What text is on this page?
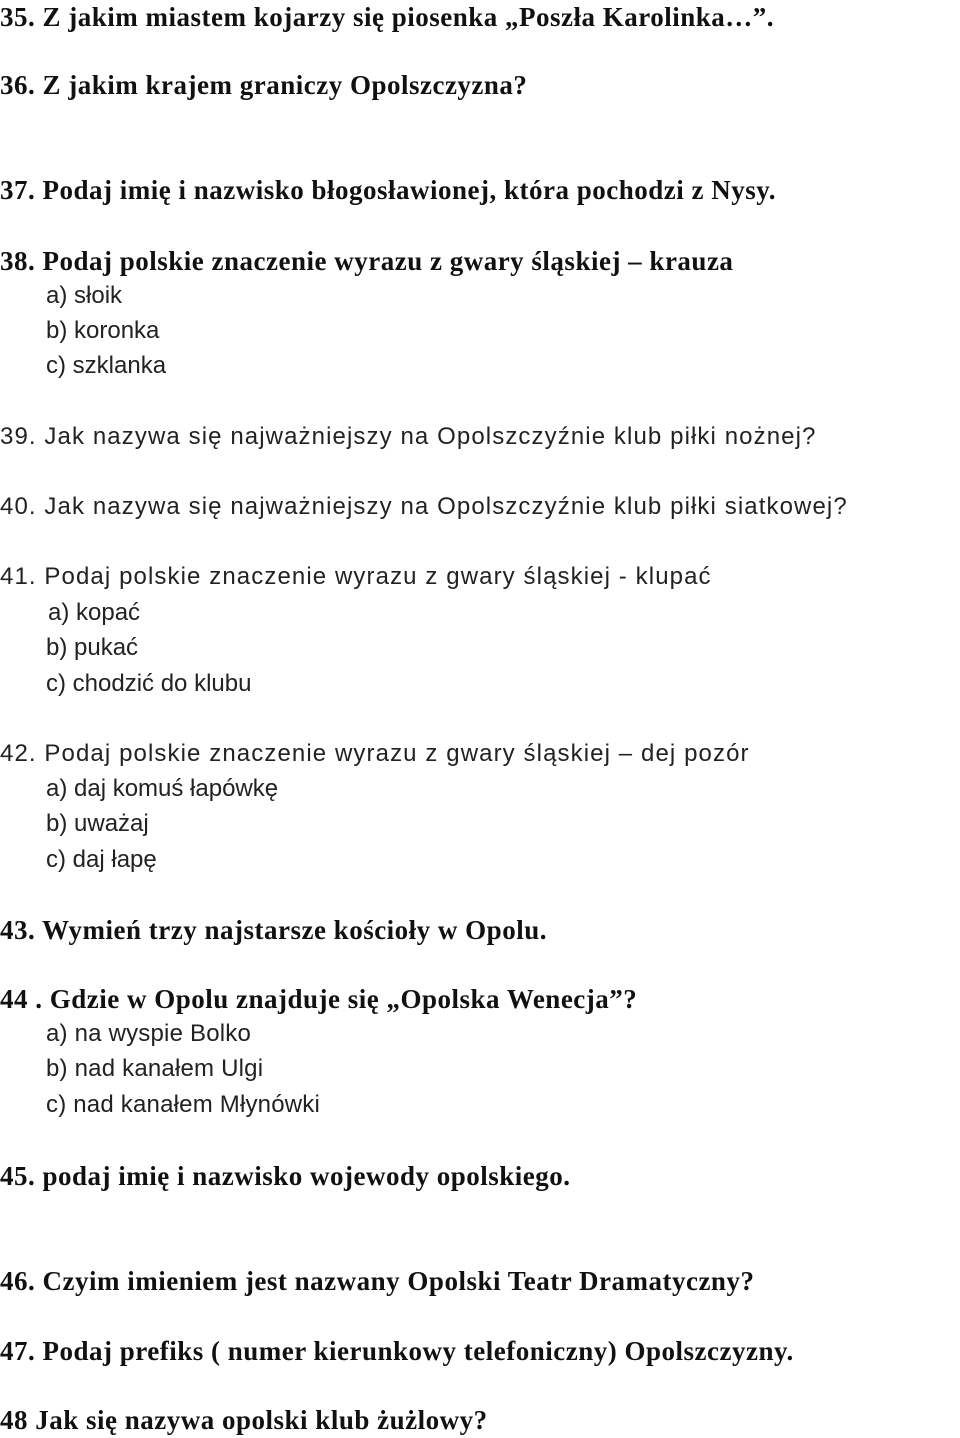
35. Z jakim miastem kojarzy się piosenka „Poszła Karolinka…”.
36. Z jakim krajem graniczy Opolszczyzna?
37. Podaj imię i nazwisko błogosławionej, która pochodzi z Nysy.
38. Podaj polskie znaczenie wyrazu z gwary śląskiej – krauza
a) słoik
b) koronka
c) szklanka
39. Jak nazywa się najważniejszy na Opolszczyźnie klub piłki nożnej?
40. Jak nazywa się najważniejszy na Opolszczyźnie klub piłki siatkowej?
41. Podaj polskie znaczenie wyrazu z gwary śląskiej - klupać
a) kopać
b) pukać
c) chodzić do klubu
42. Podaj polskie znaczenie wyrazu z gwary śląskiej – dej pozór
a) daj komuś łapówkę
b) uważaj
c) daj łapę
43. Wymień trzy najstarsze kościoły w Opolu.
44 . Gdzie w Opolu znajduje się „Opolska Wenecja”?
a) na wyspie Bolko
b) nad kanałem Ulgi
c) nad kanałem Młynówki
45. podaj imię i nazwisko wojewody opolskiego.
46. Czyim imieniem jest nazwany Opolski Teatr Dramatyczny?
47. Podaj prefiks ( numer kierunkowy telefoniczny) Opolszczyzny.
48 Jak się nazywa opolski klub żużlowy?
